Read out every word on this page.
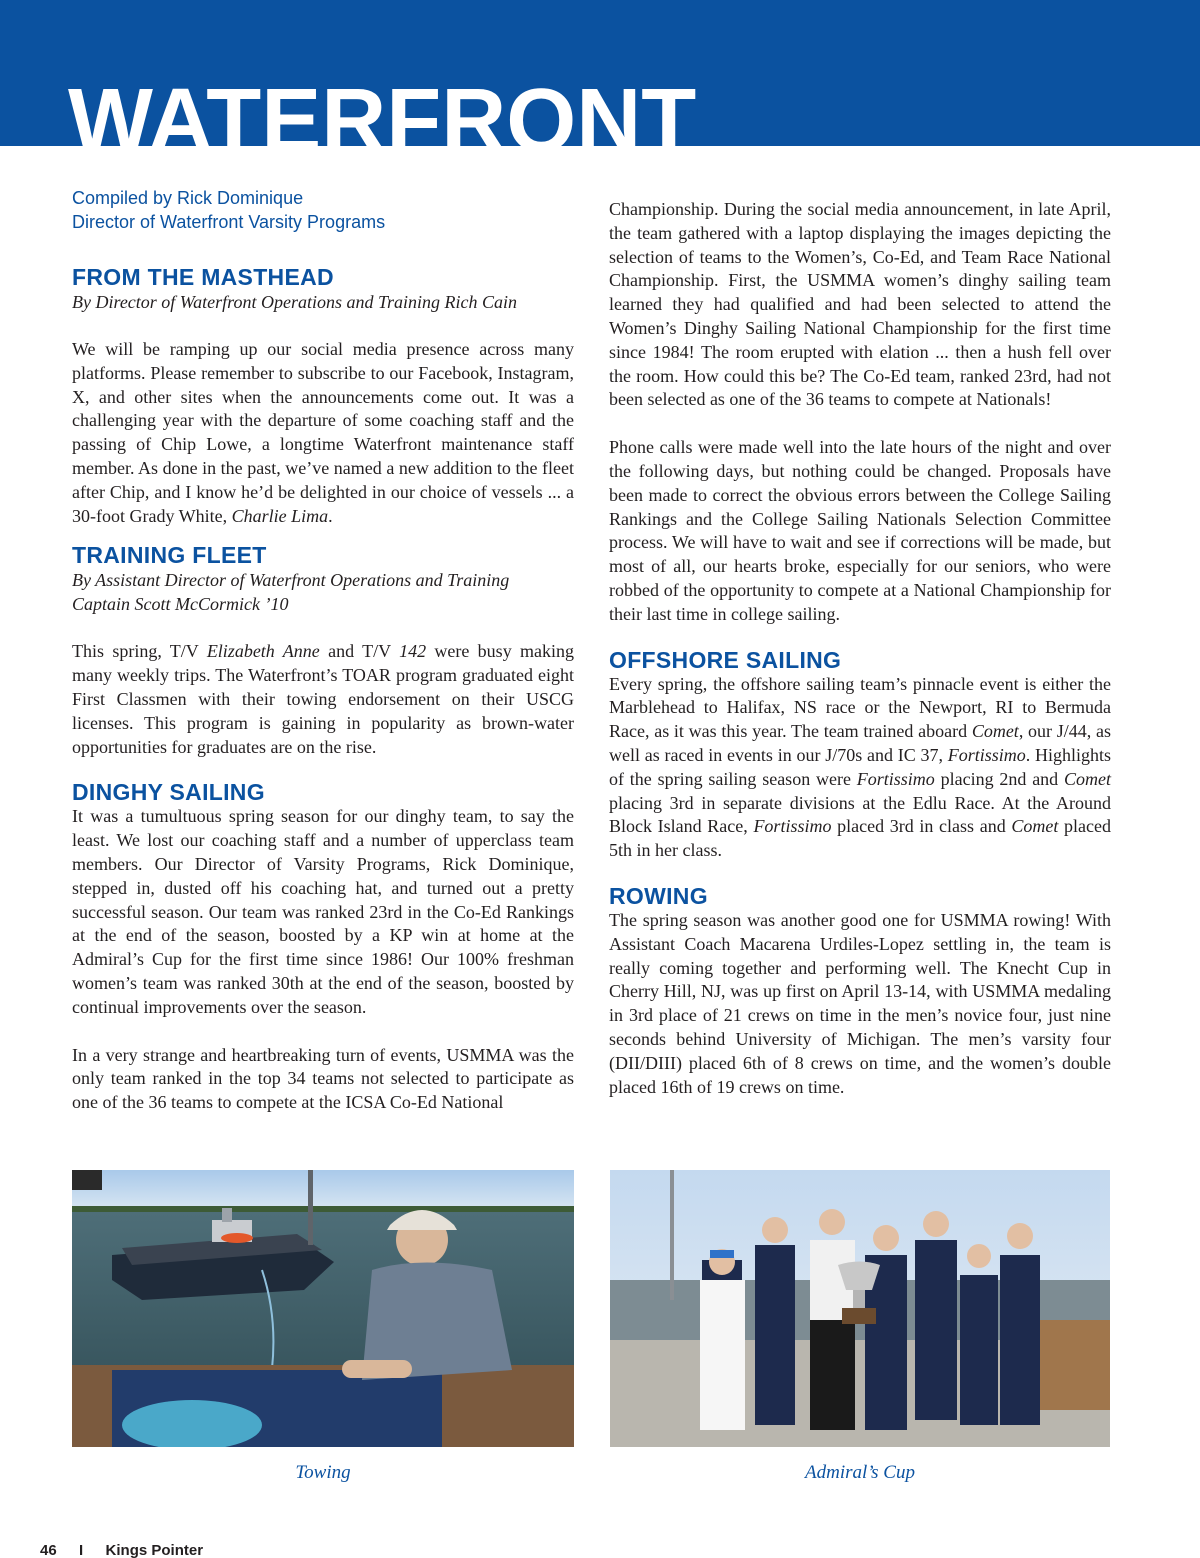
WATERFRONT
Compiled by Rick Dominique
Director of Waterfront Varsity Programs
FROM THE MASTHEAD
By Director of Waterfront Operations and Training Rich Cain

We will be ramping up our social media presence across many platforms. Please remember to subscribe to our Facebook, Instagram, X, and other sites when the announcements come out. It was a challenging year with the departure of some coaching staff and the passing of Chip Lowe, a longtime Waterfront maintenance staff member. As done in the past, we’ve named a new addition to the fleet after Chip, and I know he’d be delighted in our choice of vessels ... a 30-foot Grady White, Charlie Lima.

TRAINING FLEET
By Assistant Director of Waterfront Operations and Training
Captain Scott McCormick ’10

This spring, T/V Elizabeth Anne and T/V 142 were busy making many weekly trips. The Waterfront’s TOAR program graduated eight First Classmen with their towing endorsement on their USCG licenses. This program is gaining in popularity as brown-water opportunities for graduates are on the rise.

DINGHY SAILING

It was a tumultuous spring season for our dinghy team, to say the least. We lost our coaching staff and a number of upperclass team members. Our Director of Varsity Programs, Rick Dominique, stepped in, dusted off his coaching hat, and turned out a pretty successful season. Our team was ranked 23rd in the Co-Ed Rankings at the end of the season, boosted by a KP win at home at the Admiral’s Cup for the first time since 1986! Our 100% freshman women’s team was ranked 30th at the end of the season, boosted by continual improvements over the season.

In a very strange and heartbreaking turn of events, USMMA was the only team ranked in the top 34 teams not selected to participate as one of the 36 teams to compete at the ICSA Co-Ed National

Championship. During the social media announcement, in late April, the team gathered with a laptop displaying the images depicting the selection of teams to the Women’s, Co-Ed, and Team Race National Championship. First, the USMMA women’s dinghy sailing team learned they had qualified and had been selected to attend the Women’s Dinghy Sailing National Championship for the first time since 1984! The room erupted with elation ... then a hush fell over the room. How could this be? The Co-Ed team, ranked 23rd, had not been selected as one of the 36 teams to compete at Nationals!

Phone calls were made well into the late hours of the night and over the following days, but nothing could be changed. Proposals have been made to correct the obvious errors between the College Sailing Rankings and the College Sailing Nationals Selection Committee process. We will have to wait and see if corrections will be made, but most of all, our hearts broke, especially for our seniors, who were robbed of the opportunity to compete at a National Championship for their last time in college sailing.

OFFSHORE SAILING

Every spring, the offshore sailing team’s pinnacle event is either the Marblehead to Halifax, NS race or the Newport, RI to Bermuda Race, as it was this year. The team trained aboard Comet, our J/44, as well as raced in events in our J/70s and IC 37, Fortissimo. Highlights of the spring sailing season were Fortissimo placing 2nd and Comet placing 3rd in separate divisions at the Edlu Race. At the Around Block Island Race, Fortissimo placed 3rd in class and Comet placed 5th in her class.

ROWING

The spring season was another good one for USMMA rowing! With Assistant Coach Macarena Urdiles-Lopez settling in, the team is really coming together and performing well. The Knecht Cup in Cherry Hill, NJ, was up first on April 13-14, with USMMA medaling in 3rd place of 21 crews on time in the men’s novice four, just nine seconds behind University of Michigan. The men’s varsity four (DII/DIII) placed 6th of 8 crews on time, and the women’s double placed 16th of 19 crews on time.

Towing	Admiral’s Cup
46 I Kings Pointer
